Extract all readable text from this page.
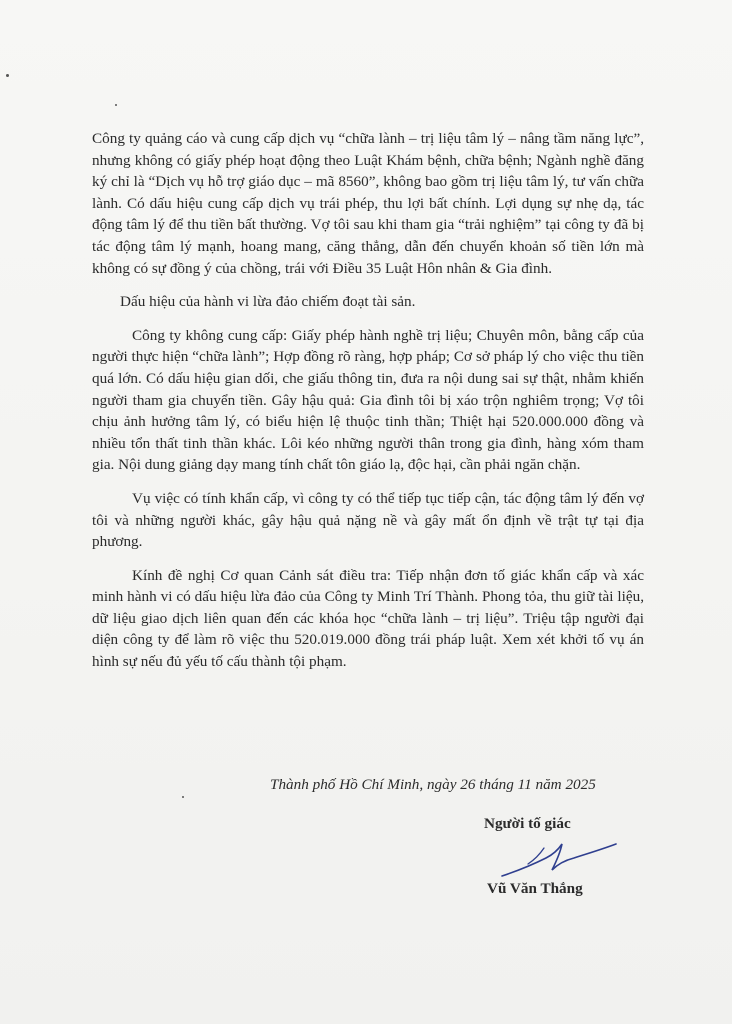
Công ty quảng cáo và cung cấp dịch vụ “chữa lành – trị liệu tâm lý – nâng tầm năng lực”, nhưng không có giấy phép hoạt động theo Luật Khám bệnh, chữa bệnh; Ngành nghề đăng ký chỉ là “Dịch vụ hỗ trợ giáo dục – mã 8560”, không bao gồm trị liệu tâm lý, tư vấn chữa lành. Có dấu hiệu cung cấp dịch vụ trái phép, thu lợi bất chính. Lợi dụng sự nhẹ dạ, tác động tâm lý để thu tiền bất thường. Vợ tôi sau khi tham gia “trải nghiệm” tại công ty đã bị tác động tâm lý mạnh, hoang mang, căng thẳng, dẫn đến chuyển khoản số tiền lớn mà không có sự đồng ý của chồng, trái với Điều 35 Luật Hôn nhân & Gia đình.

Dấu hiệu của hành vi lừa đảo chiếm đoạt tài sản.

Công ty không cung cấp: Giấy phép hành nghề trị liệu; Chuyên môn, bằng cấp của người thực hiện “chữa lành”; Hợp đồng rõ ràng, hợp pháp; Cơ sở pháp lý cho việc thu tiền quá lớn. Có dấu hiệu gian dối, che giấu thông tin, đưa ra nội dung sai sự thật, nhằm khiến người tham gia chuyển tiền. Gây hậu quả: Gia đình tôi bị xáo trộn nghiêm trọng; Vợ tôi chịu ảnh hưởng tâm lý, có biểu hiện lệ thuộc tinh thần; Thiệt hại 520.000.000 đồng và nhiều tổn thất tinh thần khác. Lôi kéo những người thân trong gia đình, hàng xóm tham gia. Nội dung giảng dạy mang tính chất tôn giáo lạ, độc hại, cần phải ngăn chặn.

Vụ việc có tính khẩn cấp, vì công ty có thể tiếp tục tiếp cận, tác động tâm lý đến vợ tôi và những người khác, gây hậu quả nặng nề và gây mất ổn định về trật tự tại địa phương.

Kính đề nghị Cơ quan Cảnh sát điều tra: Tiếp nhận đơn tố giác khẩn cấp và xác minh hành vi có dấu hiệu lừa đảo của Công ty Minh Trí Thành. Phong tỏa, thu giữ tài liệu, dữ liệu giao dịch liên quan đến các khóa học “chữa lành – trị liệu”. Triệu tập người đại diện công ty để làm rõ việc thu 520.019.000 đồng trái pháp luật. Xem xét khởi tố vụ án hình sự nếu đủ yếu tố cấu thành tội phạm.

Thành phố Hồ Chí Minh, ngày 26 tháng 11 năm 2025
Người tố giác
Vũ Văn Thắng
